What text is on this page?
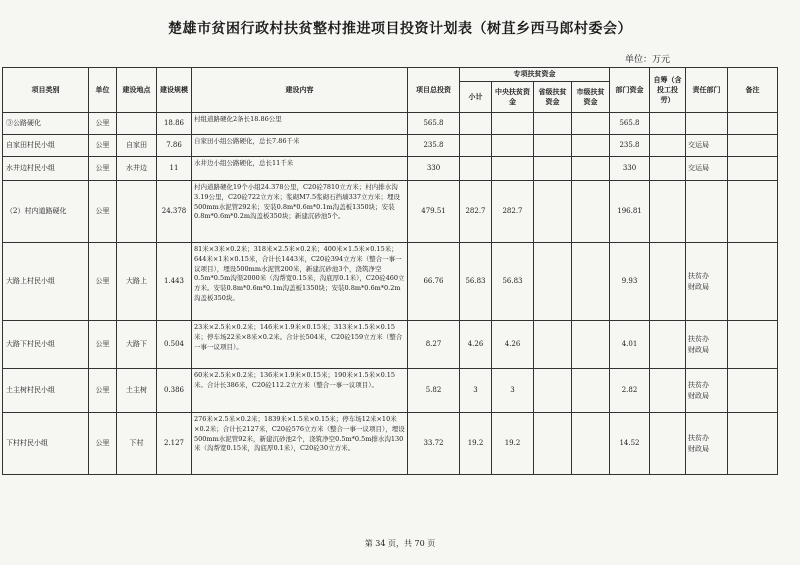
楚雄市贫困行政村扶贫整村推进项目投资计划表（树苴乡西马郎村委会）
单位：万元
项目类别	单位	建设地点	建设规模	建设内容	项目总投资	专项扶贫资金				部门资金	自筹（含投工投劳）	责任部门	备注
						小计	中央扶贫资金	省级扶贫资金	市级扶贫资金				
③公路硬化	公里		18.86	村组道路硬化2条长18.86公里	565.8					565.8			
自家田村民小组	公里	自家田	7.86	自家田小组公路硬化，总长7.86千米	235.8					235.8		交运局	
水井边村民小组	公里	水井边	11	水井边小组公路硬化，总长11千米	330					330		交运局	
（2）村内道路硬化	公里		24.378	村内道路硬化19个小组24.378公里，C20砼7810立方米；村内排水沟3.19公里，C20砼722立方米；浆砌M7.5浆砌石挡墙337立方米；埋设500mm水泥管292米；安装0.8m*0.6m*0.1m沟盖板1350块；安装0.8m*0.6m*0.2m沟盖板350块；新建沉砂池5个。	479.51	282.7	282.7			196.81			
大路上村民小组	公里	大路上	1.443	81米×3米×0.2米；318米×2.5米×0.2米；400米×1.5米×0.15米；644米×1米×0.15米，合计长1443米，C20砼394立方米（整合一事一议项目），埋设500mm水泥管200米，新建沉砂池3个，浇筑净空0.5m*0.5m沟渠2000米（沟帮宽0.15米，沟底厚0.1米），C20砼460立方米。安装0.8m*0.6m*0.1m沟盖板1350块；安装0.8m*0.6m*0.2m沟盖板350块。	66.76	56.83	56.83			9.93		扶贫办
财政局	
大路下村民小组	公里	大路下	0.504	23米×2.5米×0.2米；146米×1.9米×0.15米；313米×1.5米×0.15米；停车场22米×8米×0.2米。合计长504米，C20砼159立方米（整合一事一议项目）。	8.27	4.26	4.26			4.01		扶贫办
财政局	
土主树村民小组	公里	土主树	0.386	60米×2.5米×0.2米；136米×1.9米×0.15米；190米×1.5米×0.15米。合计长386米，C20砼112.2立方米（整合一事一议项目）。	5.82	3	3			2.82		扶贫办
财政局	
下村村民小组	公里	下村	2.127	276米×2.5米×0.2米；1839米×1.5米×0.15米；停车场12米×10米×0.2米；合计长2127米，C20砼576立方米（整合一事一议项目），埋设500mm水泥管92米，新建沉砂池2个，浇筑净空0.5m*0.5m排水沟130米（沟帮宽0.15米，沟底厚0.1米），C20砼30立方米。	33.72	19.2	19.2			14.52		扶贫办
财政局	
第 34 页，共 70 页
